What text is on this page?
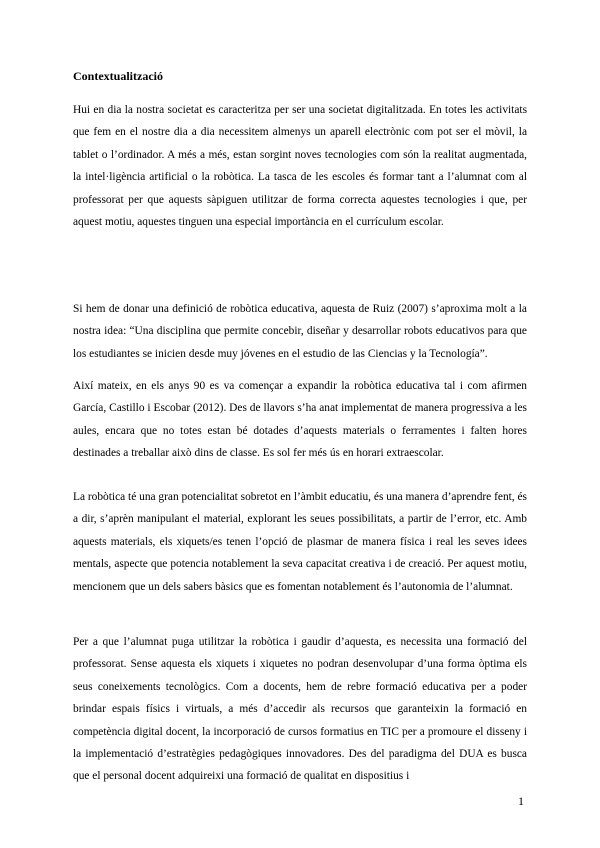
Contextualització

Hui en dia la nostra societat es caracteritza per ser una societat digitalitzada. En totes les activitats que fem en el nostre dia a dia necessitem almenys un aparell electrònic com pot ser el mòvil, la tablet o l’ordinador. A més a més, estan sorgint noves tecnologies com són la realitat augmentada, la intel·ligència artificial o la robòtica. La tasca de les escoles és formar tant a l’alumnat com al professorat per que aquests sàpiguen utilitzar de forma correcta aquestes tecnologies i que, per aquest motiu, aquestes tinguen una especial importància en el currículum escolar.

Si hem de donar una definició de robòtica educativa, aquesta de Ruiz (2007) s’aproxima molt a la nostra idea: “Una disciplina que permite concebir, diseñar y desarrollar robots educativos para que los estudiantes se inicien desde muy jóvenes en el estudio de las Ciencias y la Tecnología”.

Així mateix, en els anys 90 es va començar a expandir la robòtica educativa tal i com afirmen García, Castillo i Escobar (2012). Des de llavors s’ha anat implementat de manera progressiva a les aules, encara que no totes estan bé dotades d’aquests materials o ferramentes i falten hores destinades a treballar això dins de classe. Es sol fer més ús en horari extraescolar.

La robòtica té una gran potencialitat sobretot en l’àmbit educatiu, és una manera d’aprendre fent, és a dir, s’aprèn manipulant el material, explorant les seues possibilitats, a partir de l’error, etc. Amb aquests materials, els xiquets/es tenen l’opció de plasmar de manera física i real les seves idees mentals, aspecte que potencia notablement la seva capacitat creativa i de creació. Per aquest motiu, mencionem que un dels sabers bàsics que es fomentan notablement és l’autonomia de l’alumnat.

Per a que l’alumnat puga utilitzar la robòtica i gaudir d’aquesta, es necessita una formació del professorat. Sense aquesta els xiquets i xiquetes no podran desenvolupar d’una forma òptima els seus coneixements tecnològics. Com a docents, hem de rebre formació educativa per a poder brindar espais físics i virtuals, a més d’accedir als recursos que garanteixin la formació en competència digital docent, la incorporació de cursos formatius en TIC per a promoure el disseny i la implementació d’estratègies pedagògiques innovadores. Des del paradigma del DUA es busca que el personal docent adquireixi una formació de qualitat en dispositius i

1
